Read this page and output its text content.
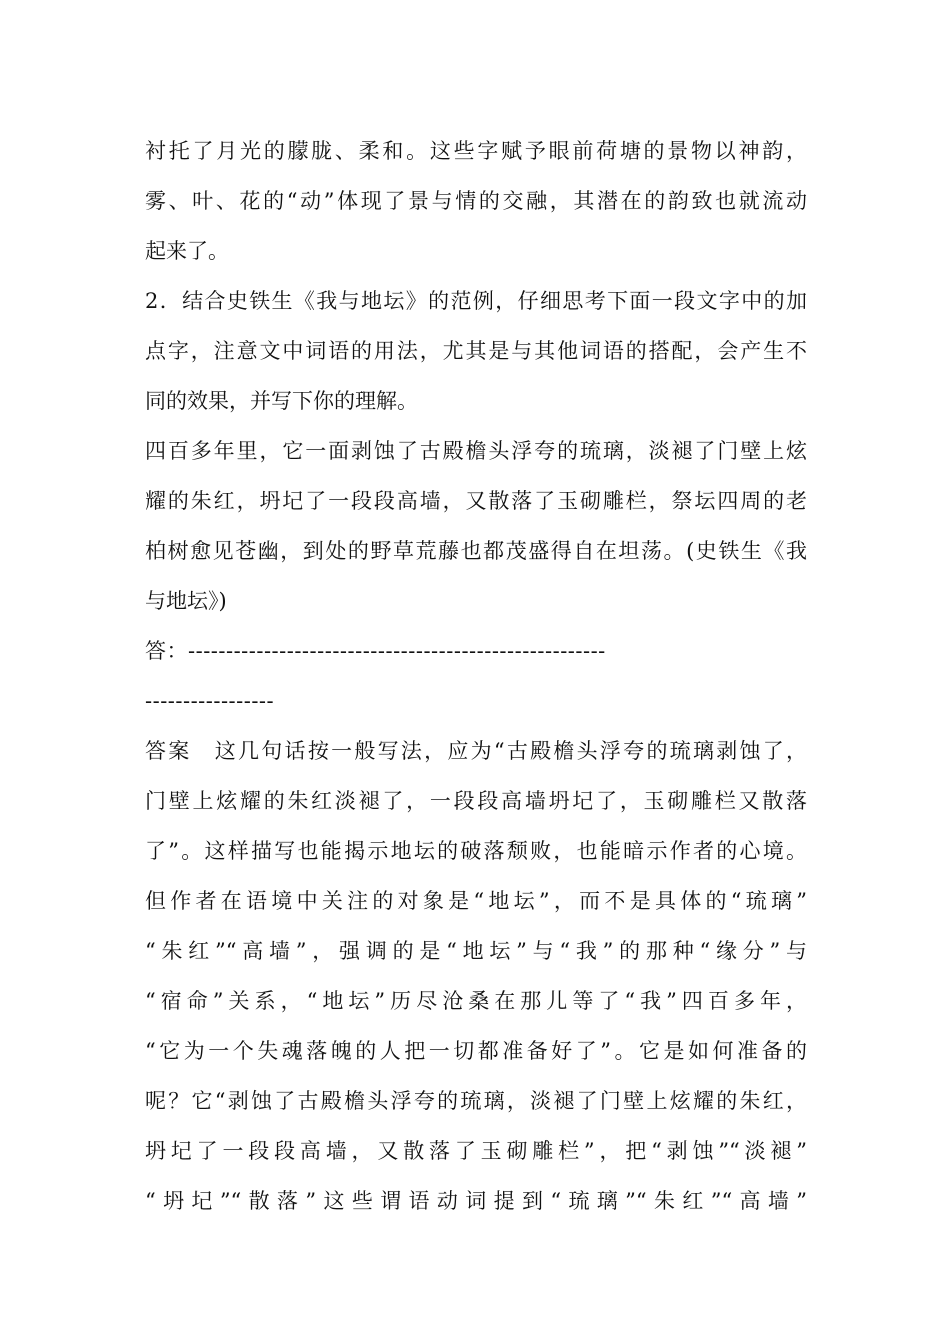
衬托了月光的朦胧、柔和。这些字赋予眼前荷塘的景物以神韵，
雾、叶、花的“动”体现了景与情的交融，其潜在的韵致也就流动
起来了。
2．结合史铁生《我与地坛》的范例，仔细思考下面一段文字中的加
点字，注意文中词语的用法，尤其是与其他词语的搭配，会产生不
同的效果，并写下你的理解。
四百多年里，它一面剥蚀了古殿檐头浮夸的琉璃，淡褪了门壁上炫
耀的朱红，坍圮了一段段高墙，又散落了玉砌雕栏，祭坛四周的老
柏树愈见苍幽，到处的野草荒藤也都茂盛得自在坦荡。(史铁生《我
与地坛》)
答：-------------------------------------------------------
-----------------
答案　这几句话按一般写法，应为“古殿檐头浮夸的琉璃剥蚀了，
门壁上炫耀的朱红淡褪了，一段段高墙坍圮了，玉砌雕栏又散落
了”。这样描写也能揭示地坛的破落颓败，也能暗示作者的心境。
但作者在语境中关注的对象是“地坛”，而不是具体的“琉璃”
“朱红”“高墙”，强调的是“地坛”与“我”的那种“缘分”与
“宿命”关系，“地坛”历尽沧桑在那儿等了“我”四百多年，
“它为一个失魂落魄的人把一切都准备好了”。它是如何准备的
呢？它“剥蚀了古殿檐头浮夸的琉璃，淡褪了门壁上炫耀的朱红，
坍圮了一段段高墙，又散落了玉砌雕栏”，把“剥蚀”“淡褪”
“坍圮”“散落”这些谓语动词提到“琉璃”“朱红”“高墙”
